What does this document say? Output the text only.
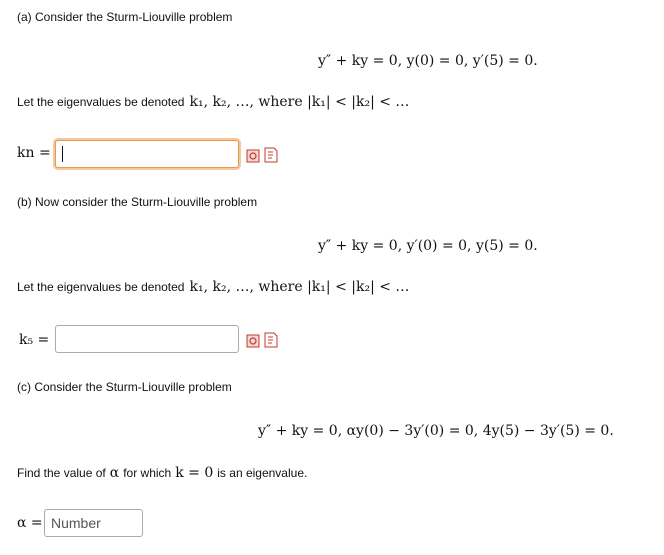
(a) Consider the Sturm-Liouville problem
y″ + ky = 0, y(0) = 0, y′(5) = 0.
Let the eigenvalues be denoted k₁, k₂, …, where |k₁| < |k₂| < …
kn =
(b) Now consider the Sturm-Liouville problem
y″ + ky = 0, y′(0) = 0, y(5) = 0.
Let the eigenvalues be denoted k₁, k₂, …, where |k₁| < |k₂| < …
k₅ =
(c) Consider the Sturm-Liouville problem
y″ + ky = 0, αy(0) − 3y′(0) = 0, 4y(5) − 3y′(5) = 0.
Find the value of α for which k = 0 is an eigenvalue.
α = Number
